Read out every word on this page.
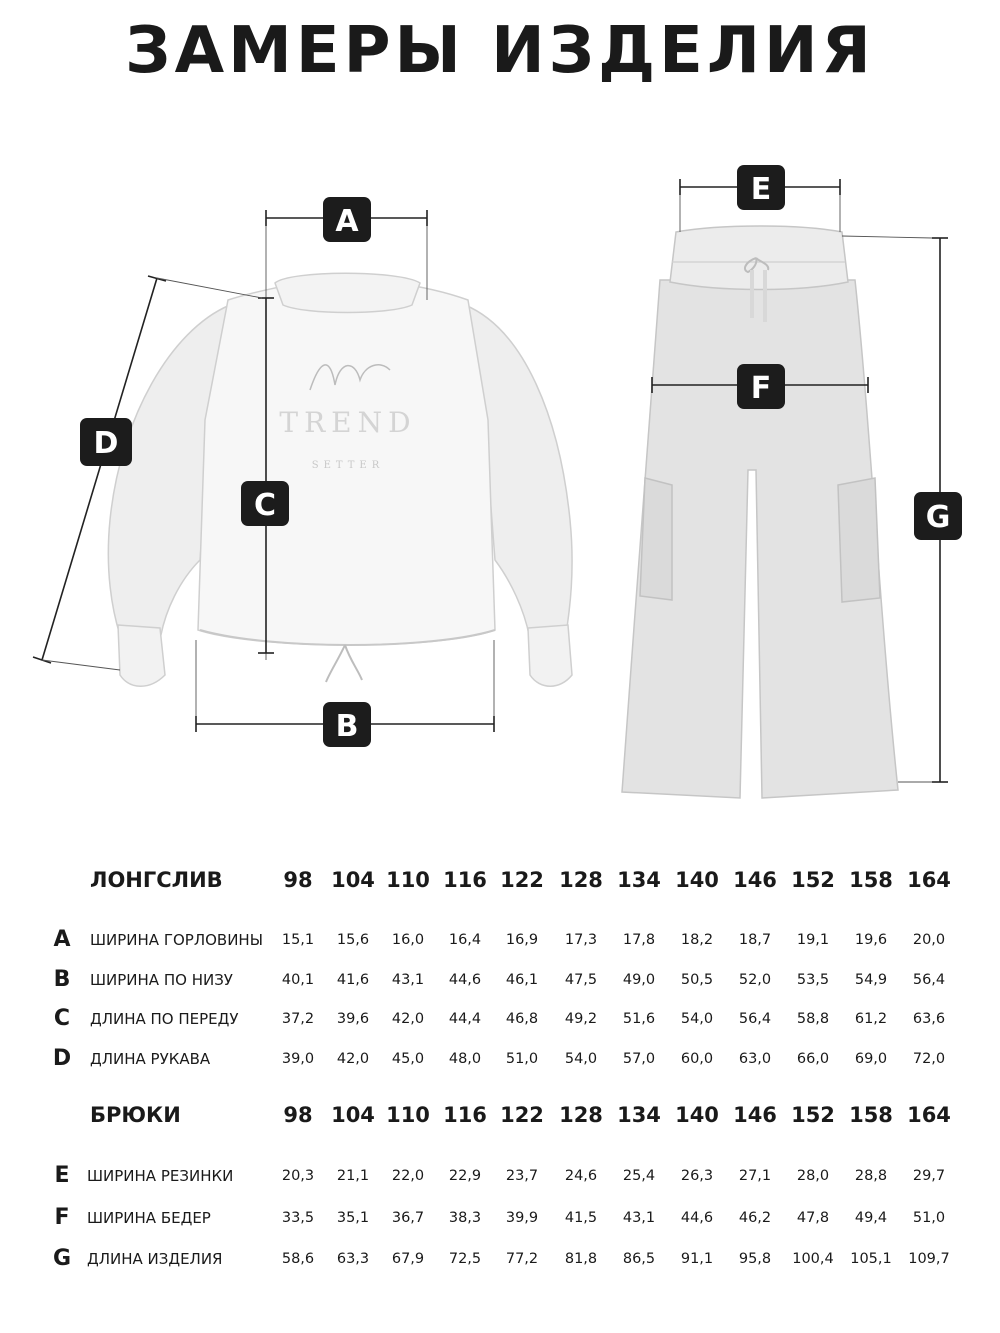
ЗАМЕРЫ ИЗДЕЛИЯ
TREND
SETTER
A
B
C
D
E
F
G
ЛОНГСЛИВ	98 104 110 116 122 128 134 140 146 152 158 164
A ШИРИНА ГОРЛОВИНЫ	15,1	15,6	16,0	16,4	16,9	17,3	17,8	18,2	18,7	19,1	19,6	20,0
B ШИРИНА ПО НИЗУ	40,1	41,6	43,1	44,6	46,1	47,5	49,0	50,5	52,0	53,5	54,9	56,4
C ДЛИНА ПО ПЕРЕДУ	37,2	39,6	42,0	44,4	46,8	49,2	51,6	54,0	56,4	58,8	61,2	63,6
D ДЛИНА РУКАВА	39,0	42,0	45,0	48,0	51,0	54,0	57,0	60,0	63,0	66,0	69,0	72,0
БРЮКИ	98 104 110 116 122 128 134 140 146 152 158 164
E ШИРИНА РЕЗИНКИ	20,3	21,1	22,0	22,9	23,7	24,6	25,4	26,3	27,1	28,0	28,8	29,7
F ШИРИНА БЕДЕР	33,5	35,1	36,7	38,3	39,9	41,5	43,1	44,6	46,2	47,8	49,4	51,0
G ДЛИНА ИЗДЕЛИЯ	58,6	63,3	67,9	72,5	77,2	81,8	86,5	91,1	95,8	100,4	105,1	109,7
